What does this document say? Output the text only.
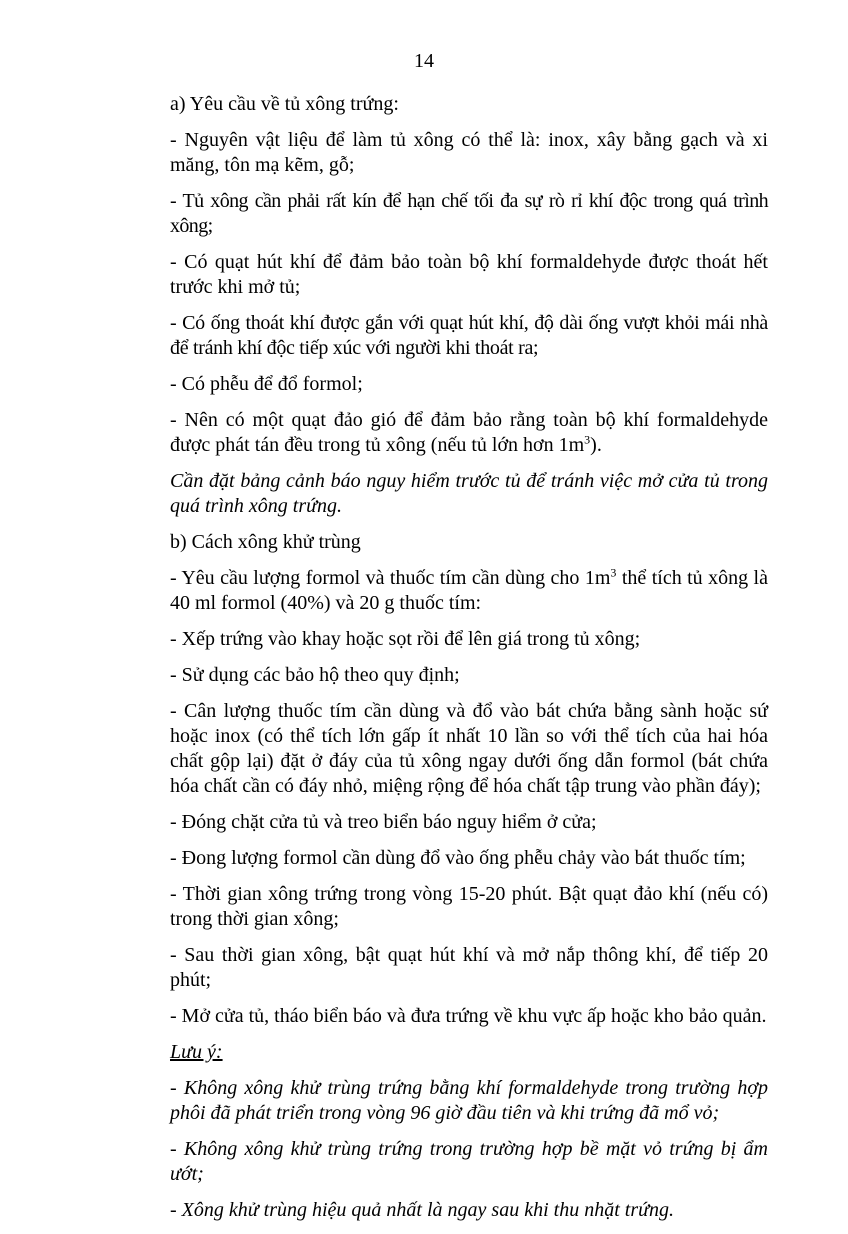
14

a) Yêu cầu về tủ xông trứng:

- Nguyên vật liệu để làm tủ xông có thể là: inox, xây bằng gạch và xi măng, tôn mạ kẽm, gỗ;

- Tủ xông cần phải rất kín để hạn chế tối đa sự rò rỉ khí độc trong quá trình xông;

- Có quạt hút khí để đảm bảo toàn bộ khí formaldehyde được thoát hết trước khi mở tủ;

- Có ống thoát khí được gắn với quạt hút khí, độ dài ống vượt khỏi mái nhà để tránh khí độc tiếp xúc với người khi thoát ra;

- Có phễu để đổ formol;

- Nên có một quạt đảo gió để đảm bảo rằng toàn bộ khí formaldehyde được phát tán đều trong tủ xông (nếu tủ lớn hơn $1m^3$).

Cần đặt bảng cảnh báo nguy hiểm trước tủ để tránh việc mở cửa tủ trong quá trình xông trứng.

b) Cách xông khử trùng

- Yêu cầu lượng formol và thuốc tím cần dùng cho $1m^3$ thể tích tủ xông là 40 ml formol (40%) và 20 g thuốc tím:

- Xếp trứng vào khay hoặc sọt rồi để lên giá trong tủ xông;

- Sử dụng các bảo hộ theo quy định;

- Cân lượng thuốc tím cần dùng và đổ vào bát chứa bằng sành hoặc sứ hoặc inox (có thể tích lớn gấp ít nhất 10 lần so với thể tích của hai hóa chất gộp lại) đặt ở đáy của tủ xông ngay dưới ống dẫn formol (bát chứa hóa chất cần có đáy nhỏ, miệng rộng để hóa chất tập trung vào phần đáy);

- Đóng chặt cửa tủ và treo biển báo nguy hiểm ở cửa;

- Đong lượng formol cần dùng đổ vào ống phễu chảy vào bát thuốc tím;

- Thời gian xông trứng trong vòng 15-20 phút. Bật quạt đảo khí (nếu có) trong thời gian xông;

- Sau thời gian xông, bật quạt hút khí và mở nắp thông khí, để tiếp 20 phút;

- Mở cửa tủ, tháo biển báo và đưa trứng về khu vực ấp hoặc kho bảo quản.

Lưu ý:

- Không xông khử trùng trứng bằng khí formaldehyde trong trường hợp phôi đã phát triển trong vòng 96 giờ đầu tiên và khi trứng đã mổ vỏ;

- Không xông khử trùng trứng trong trường hợp bề mặt vỏ trứng bị ẩm ướt;

- Xông khử trùng hiệu quả nhất là ngay sau khi thu nhặt trứng.
